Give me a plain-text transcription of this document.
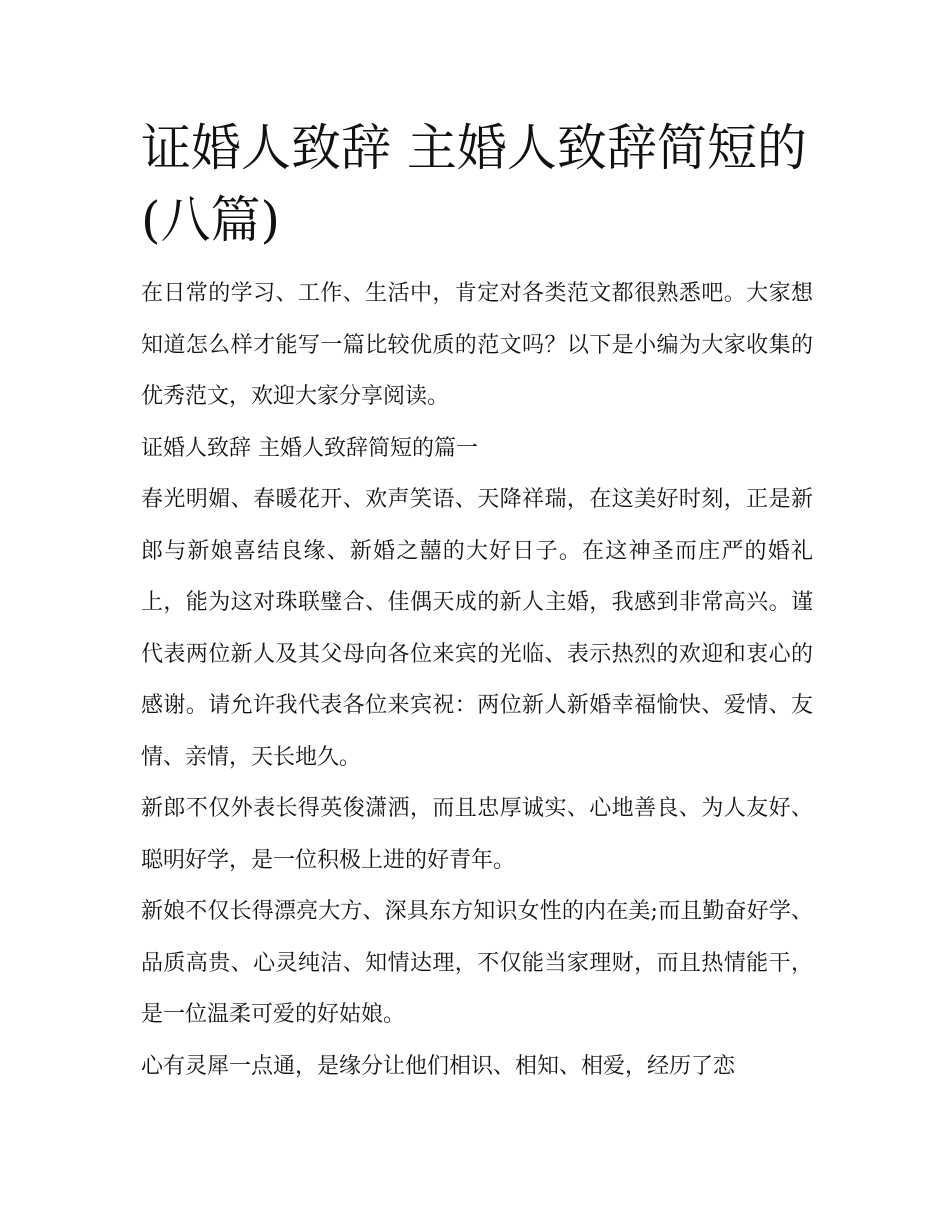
证婚人致辞 主婚人致辞简短的(八篇)

在日常的学习、工作、生活中，肯定对各类范文都很熟悉吧。大家想知道怎么样才能写一篇比较优质的范文吗？以下是小编为大家收集的优秀范文，欢迎大家分享阅读。

证婚人致辞 主婚人致辞简短的篇一

春光明媚、春暖花开、欢声笑语、天降祥瑞，在这美好时刻，正是新郎与新娘喜结良缘、新婚之囍的大好日子。在这神圣而庄严的婚礼上，能为这对珠联璧合、佳偶天成的新人主婚，我感到非常高兴。谨代表两位新人及其父母向各位来宾的光临、表示热烈的欢迎和衷心的感谢。请允许我代表各位来宾祝：两位新人新婚幸福愉快、爱情、友情、亲情，天长地久。

新郎不仅外表长得英俊潇洒，而且忠厚诚实、心地善良、为人友好、聪明好学，是一位积极上进的好青年。

新娘不仅长得漂亮大方、深具东方知识女性的内在美;而且勤奋好学、品质高贵、心灵纯洁、知情达理，不仅能当家理财，而且热情能干，是一位温柔可爱的好姑娘。

心有灵犀一点通，是缘分让他们相识、相知、相爱，经历了恋
